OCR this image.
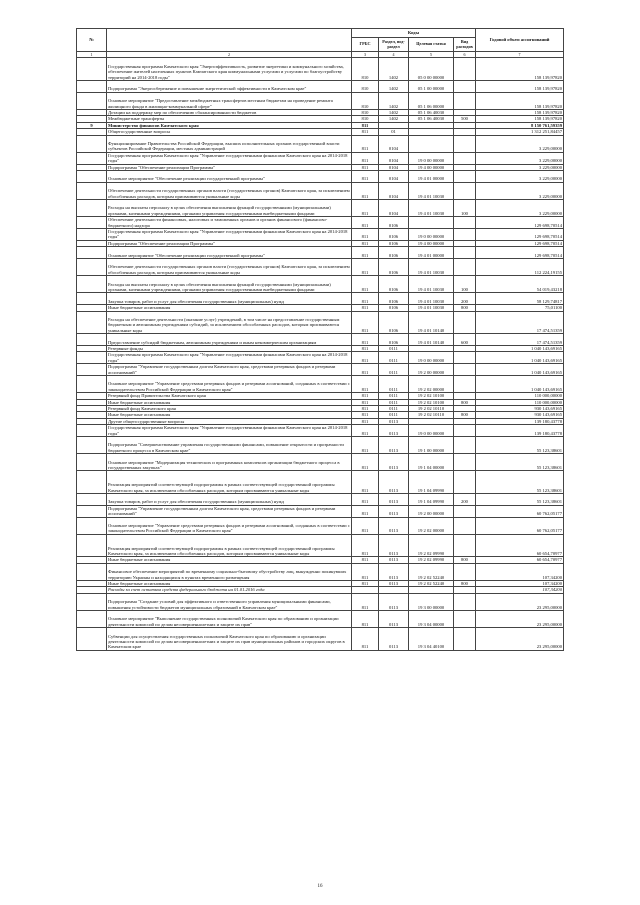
№		Коды				Годовой объем ассигнований
		ГРБС	Раздел, под-раздел	Целевая статья	Вид расходов	
1	2	3	4	5	6	7
	Государственная программа Камчатского края "Энергоэффективность, развитие энергетики и коммунального хозяйства, обеспечение жителей населенных пунктов Камчатского края коммунальными услугами и услугами по благоустройству территорий на 2014-2018 годы"	810	1402	05 0 00 00000		158 139,97820
	Подпрограмма "Энергосбережение и повышение энергетической эффективности в Камчатском крае"	810	1402	05 1 00 00000		158 139,97820
	Основное мероприятие "Предоставление межбюджетных трансфертов местным бюджетам на проведение ремонта жилищного фонда в жилищно-коммунальной сфере"	810	1402	05 1 06 00000		158 139,97820
	Дотации на поддержку мер по обеспечению сбалансированности бюджетов	810	1402	05 1 06 40030		158 139,97820
	Межбюджетные трансферты	810	1402	05 1 06 40030	500	158 139,97820
9	Министерство финансов Камчатского края	811				8 150 761,59359
	Общегосударственные вопросы	811	01			1 312 251,84457
	Функционирование Правительства Российской Федерации, высших исполнительных органов государственной власти субъектов Российской Федерации, местных администраций	811	0104			3 229,00000
	Государственная программа Камчатского края "Управление государственными финансами Камчатского края на 2014-2018 годы"	811	0104	19 0 00 00000		3 229,00000
	Подпрограмма "Обеспечение реализации Программы"	811	0104	19 4 00 00000		3 229,00000
	Основное мероприятие "Обеспечение реализации государственной программы"	811	0104	19 4 01 00000		3 229,00000
	Обеспечение деятельности государственных органов власти (государственных органов) Камчатского края, за исключением обособленных расходов, которым присваиваются уникальные коды	811	0104	19 4 01 10030		3 229,00000
	Расходы на выплаты персоналу в целях обеспечения выполнения функций государственными (муниципальными) органами, казенными учреждениями, органами управления государственными внебюджетными фондами	811	0104	19 4 01 10030	100	3 229,00000
	Обеспечение деятельности финансовых, налоговых и таможенных органов и органов финансового (финансово-бюджетного) надзора	811	0106			129 698,70514
	Государственная программа Камчатского края "Управление государственными финансами Камчатского края на 2014-2018 годы"	811	0106	19 0 00 00000		129 698,70514
	Подпрограмма "Обеспечение реализации Программы"	811	0106	19 4 00 00000		129 698,70514
	Основное мероприятие "Обеспечение реализации государственной программы"	811	0106	19 4 01 00000		129 698,70514
	Обеспечение деятельности государственных органов власти (государственных органов) Камчатского края, за исключением обособленных расходов, которым присваиваются уникальные коды	811	0106	19 4 01 10030		112 224,19155
	Расходы на выплаты персоналу в целях обеспечения выполнения функций государственными (муниципальными) органами, казенными учреждениями, органами управления государственными внебюджетными фондами	811	0106	19 4 01 10030	100	54 019,43218
	Закупка товаров, работ и услуг для обеспечения государственных (муниципальных) нужд	811	0106	19 4 01 10030	200	58 129,74817
	Иные бюджетные ассигнования	811	0106	19 4 01 10030	800	75,01100
	Расходы на обеспечение деятельности (оказание услуг) учреждений, в том числе на предоставление государственным бюджетным и автономным учреждениям субсидий, за исключением обособленных расходов, которым присваиваются уникальные коды	811	0106	19 4 01 10140		17 474,51359
	Предоставление субсидий бюджетным, автономным учреждениям и иным некоммерческим организациям	811	0106	19 4 01 10140	600	17 474,51359
	Резервные фонды	811	0111			1 040 143,69165
	Государственная программа Камчатского края "Управление государственными финансами Камчатского края на 2014-2018 годы"	811	0111	19 0 00 00000		1 040 143,69165
	Подпрограмма "Управление государственным долгом Камчатского края, средствами резервных фондов и резервами ассигнований"	811	0111	19 2 00 00000		1 040 143,69165
	Основное мероприятие "Управление средствами резервных фондов и резервами ассигнований, созданных в соответствии с законодательством Российской Федерации и Камчатского края"	811	0111	19 2 02 00000		1 040 143,69165
	Резервный фонд Правительства Камчатского края	811	0111	19 2 02 10100		110 000,00000
	Иные бюджетные ассигнования	811	0111	19 2 02 10100	800	110 000,00000
	Резервный фонд Камчатского края	811	0111	19 2 02 10110		930 143,69165
	Иные бюджетные ассигнования	811	0111	19 2 02 10110	800	930 143,69165
	Другие общегосударственные вопросы	811	0113			139 180,43778
	Государственная программа Камчатского края "Управление государственными финансами Камчатского края на 2014-2018 годы"	811	0113	19 0 00 00000		139 180,43778
	Подпрограмма "Совершенствование управления государственными финансами, повышение открытости и прозрачности бюджетного процесса в Камчатском крае"	811	0113	19 1 00 00000		55 123,38601
	Основное мероприятие "Модернизация технических и программных комплексов организации бюджетного процесса в государственных закупках"	811	0113	19 1 04 00000		55 123,38601
	Реализация мероприятий соответствующей подпрограммы в рамках соответствующей государственной программы Камчатского края, за исключением обособленных расходов, которым присваиваются уникальные коды	811	0113	19 1 04 09990		55 123,38601
	Закупка товаров, работ и услуг для обеспечения государственных (муниципальных) нужд	811	0113	19 1 04 09990	200	55 123,38601
	Подпрограмма "Управление государственным долгом Камчатского края, средствами резервных фондов и резервами ассигнований"	811	0113	19 2 00 00000		60 762,05177
	Основное мероприятие "Управление средствами резервных фондов и резервами ассигнований, созданных в соответствии с законодательством Российской Федерации и Камчатского края"	811	0113	19 2 02 00000		60 762,05177
	Реализация мероприятий соответствующей подпрограммы в рамках соответствующей государственной программы Камчатского края, за исключением обособленных расходов, которым присваиваются уникальные коды	811	0113	19 2 02 09990		60 654,70977
	Иные бюджетные ассигнования	811	0113	19 2 02 09990	800	60 654,70977
	Финансовое обеспечение мероприятий по временному социально-бытовому обустройству лиц, вынужденно покинувших территорию Украины и находящихся в пунктах временного размещения	811	0113	19 2 02 52240		107,34200
	Иные бюджетные ассигнования	811	0113	19 2 02 52240	800	107,34200
	Расходы за счет остатков средств федерального бюджета на 01.01.2016 года					107,34200
	Подпрограмма "Создание условий для эффективного и ответственного управления муниципальными финансами, повышения устойчивости бюджетов муниципальных образований в Камчатском крае"	811	0113	19 3 00 00000		23 295,00000
	Основное мероприятие "Выполнение государственных полномочий Камчатского края по образованию и организации деятельности комиссий по делам несовершеннолетних и защите их прав"	811	0113	19 3 04 00000		23 295,00000
	Субвенции для осуществления государственных полномочий Камчатского края по образованию и организации деятельности комиссий по делам несовершеннолетних и защите их прав муниципальных районов и городских округов в Камчатском крае	811	0113	19 3 04 40100		23 295,00000
16
